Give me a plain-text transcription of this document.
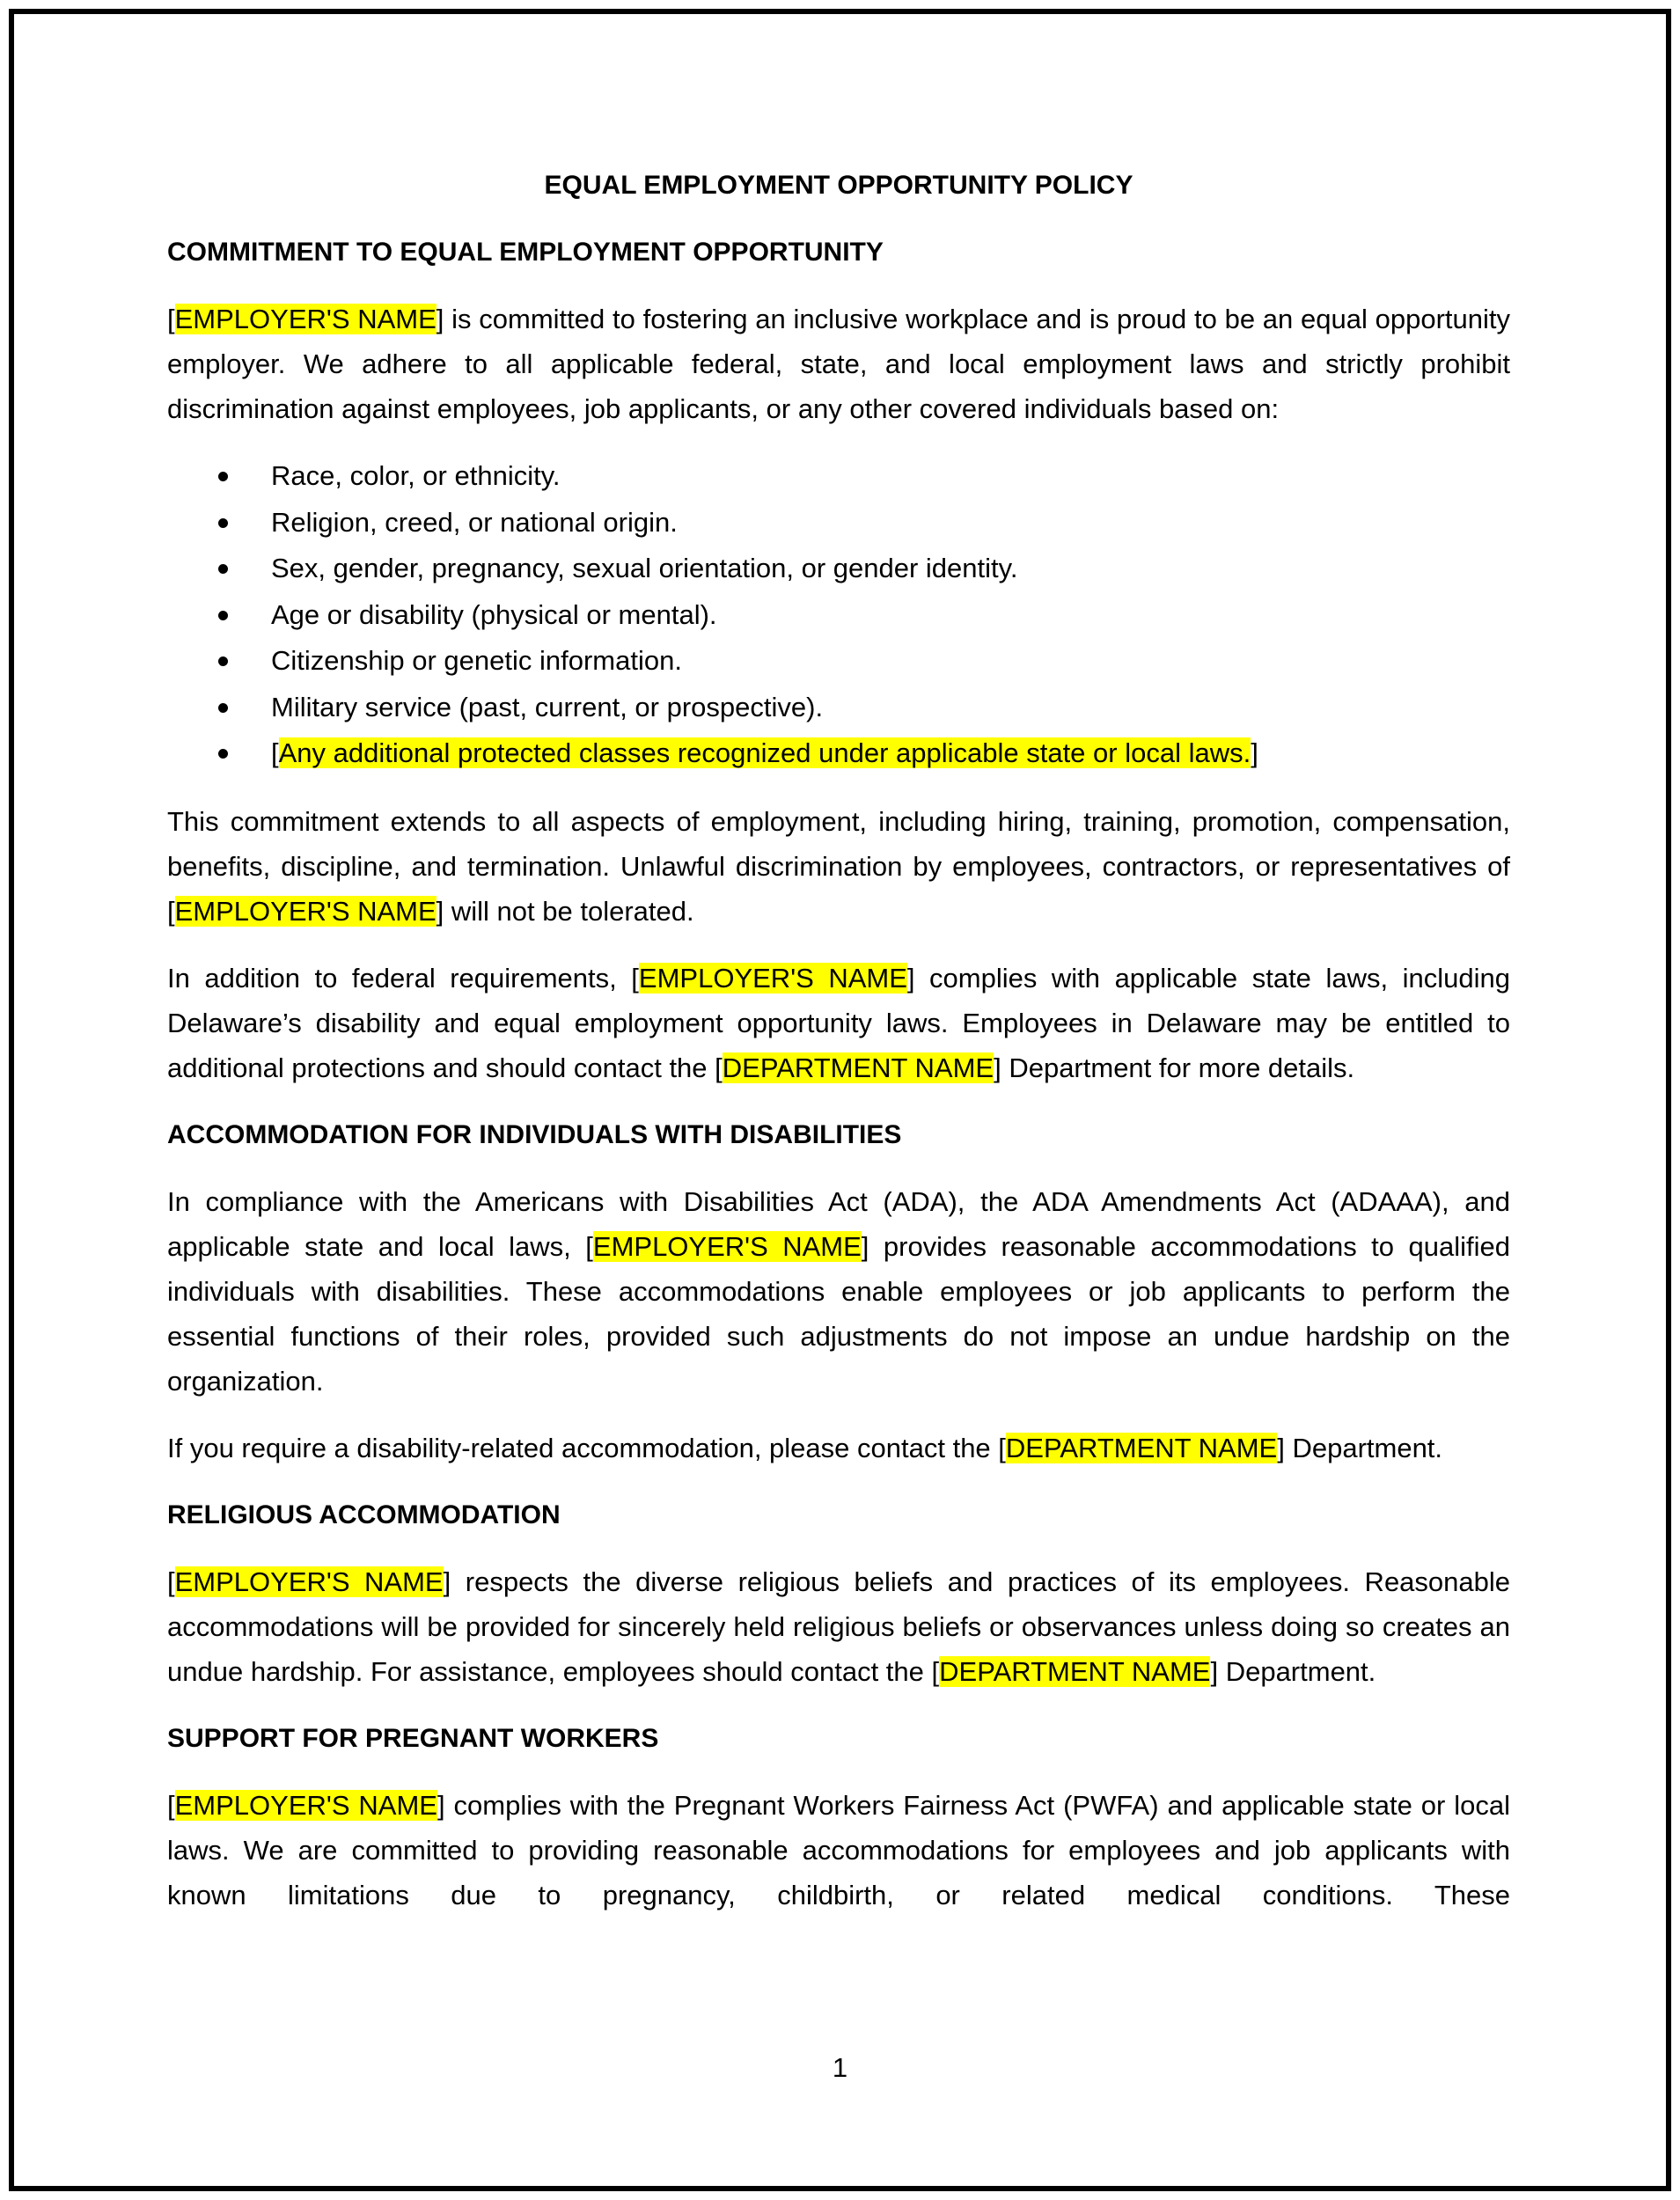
EQUAL EMPLOYMENT OPPORTUNITY POLICY
COMMITMENT TO EQUAL EMPLOYMENT OPPORTUNITY

[EMPLOYER'S NAME] is committed to fostering an inclusive workplace and is proud to be an equal opportunity employer. We adhere to all applicable federal, state, and local employment laws and strictly prohibit discrimination against employees, job applicants, or any other covered individuals based on:

Race, color, or ethnicity.
Religion, creed, or national origin.
Sex, gender, pregnancy, sexual orientation, or gender identity.
Age or disability (physical or mental).
Citizenship or genetic information.
Military service (past, current, or prospective).
[Any additional protected classes recognized under applicable state or local laws.]

This commitment extends to all aspects of employment, including hiring, training, promotion, compensation, benefits, discipline, and termination. Unlawful discrimination by employees, contractors, or representatives of [EMPLOYER'S NAME] will not be tolerated.

In addition to federal requirements, [EMPLOYER'S NAME] complies with applicable state laws, including Delaware’s disability and equal employment opportunity laws. Employees in Delaware may be entitled to additional protections and should contact the [DEPARTMENT NAME] Department for more details.

ACCOMMODATION FOR INDIVIDUALS WITH DISABILITIES

In compliance with the Americans with Disabilities Act (ADA), the ADA Amendments Act (ADAAA), and applicable state and local laws, [EMPLOYER'S NAME] provides reasonable accommodations to qualified individuals with disabilities. These accommodations enable employees or job applicants to perform the essential functions of their roles, provided such adjustments do not impose an undue hardship on the organization.

If you require a disability-related accommodation, please contact the [DEPARTMENT NAME] Department.

RELIGIOUS ACCOMMODATION

[EMPLOYER'S NAME] respects the diverse religious beliefs and practices of its employees. Reasonable accommodations will be provided for sincerely held religious beliefs or observances unless doing so creates an undue hardship. For assistance, employees should contact the [DEPARTMENT NAME] Department.

SUPPORT FOR PREGNANT WORKERS

[EMPLOYER'S NAME] complies with the Pregnant Workers Fairness Act (PWFA) and applicable state or local laws. We are committed to providing reasonable accommodations for employees and job applicants with known limitations due to pregnancy, childbirth, or related medical conditions. These

1
